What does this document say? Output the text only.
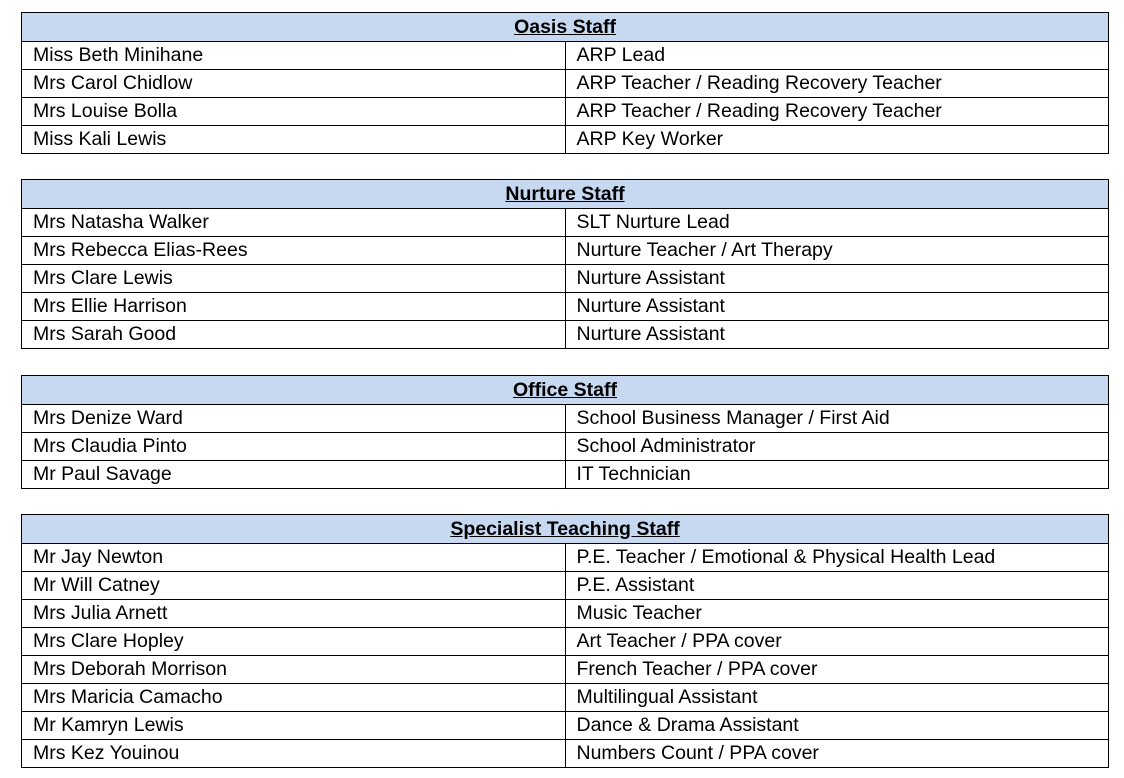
Oasis Staff	
Miss Beth Minihane	ARP Lead
Mrs Carol Chidlow	ARP Teacher / Reading Recovery Teacher
Mrs Louise Bolla	ARP Teacher / Reading Recovery Teacher
Miss Kali Lewis	ARP Key Worker
Nurture Staff	
Mrs Natasha Walker	SLT Nurture Lead
Mrs Rebecca Elias-Rees	Nurture Teacher / Art Therapy
Mrs Clare Lewis	Nurture Assistant
Mrs Ellie Harrison	Nurture Assistant
Mrs Sarah Good	Nurture Assistant
Office Staff	
Mrs Denize Ward	School Business Manager / First Aid
Mrs Claudia Pinto	School Administrator
Mr Paul Savage	IT Technician
Specialist Teaching Staff	
Mr Jay Newton	P.E. Teacher / Emotional & Physical Health Lead
Mr Will Catney	P.E. Assistant
Mrs Julia Arnett	Music Teacher
Mrs Clare Hopley	Art Teacher / PPA cover
Mrs Deborah Morrison	French Teacher / PPA cover
Mrs Maricia Camacho	Multilingual Assistant
Mr Kamryn Lewis	Dance & Drama Assistant
Mrs Kez Youinou	Numbers Count / PPA cover
